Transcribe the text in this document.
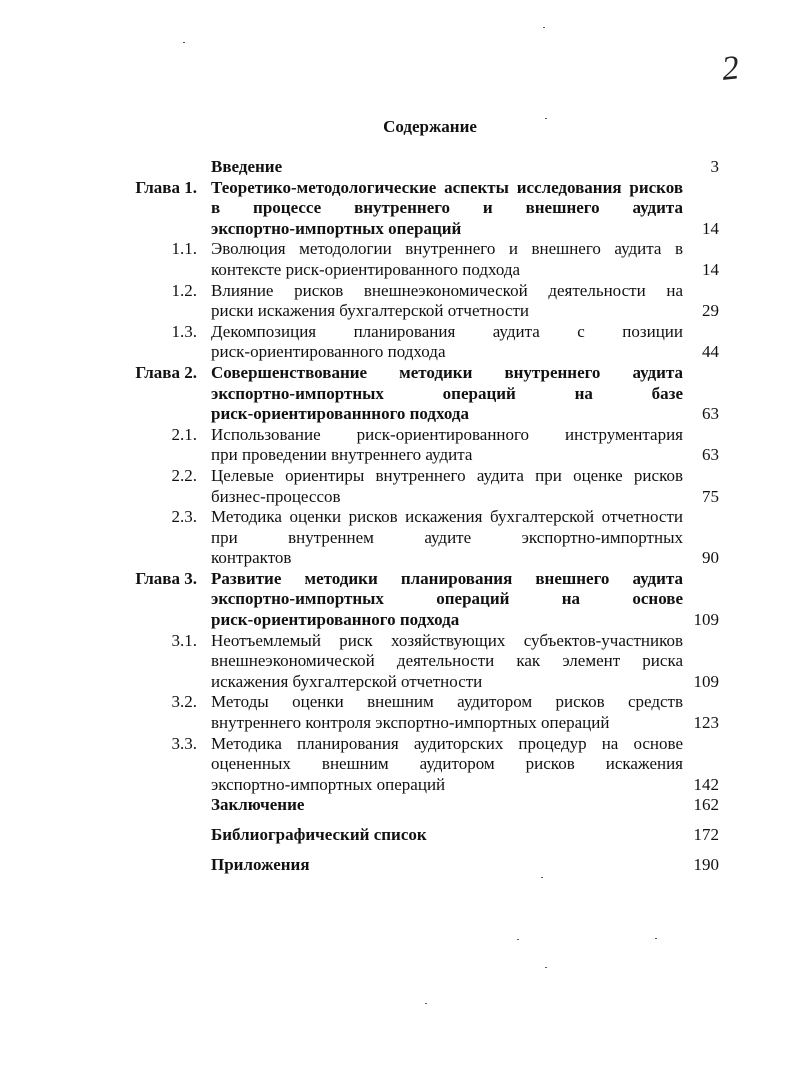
2
Содержание
Введение	3
Глава 1. Теоретико-методологические аспекты исследования рисков в процессе внутреннего и внешнего аудита
экспортно-импортных операций	14
1.1. Эволюция методологии внутреннего и внешнего аудита в
контексте риск-ориентированного подхода	14
1.2. Влияние рисков внешнеэкономической деятельности на
риски искажения бухгалтерской отчетности	29
1.3. Декомпозиция планирования аудита с позиции
риск-ориентированного подхода	44
Глава 2. Совершенствование методики внутреннего аудита экспортно-импортных операций на базе
риск-ориентированнного подхода	63
2.1. Использование риск-ориентированного инструментария
при проведении внутреннего аудита	63
2.2. Целевые ориентиры внутреннего аудита при оценке рисков
бизнес-процессов	75
2.3. Методика оценки рисков искажения бухгалтерской отчетности при внутреннем аудите экспортно-импортных
контрактов	90
Глава 3. Развитие методики планирования внешнего аудита экспортно-импортных операций на основе
риск-ориентированного подхода	109
3.1. Неотъемлемый риск хозяйствующих субъектов-участников внешнеэкономической деятельности как элемент риска
искажения бухгалтерской отчетности	109
3.2. Методы оценки внешним аудитором рисков средств
внутреннего контроля экспортно-импортных операций	123
3.3. Методика планирования аудиторских процедур на основе оцененных внешним аудитором рисков искажения
экспортно-импортных операций	142
Заключение	162
Библиографический список	172
Приложения	190
